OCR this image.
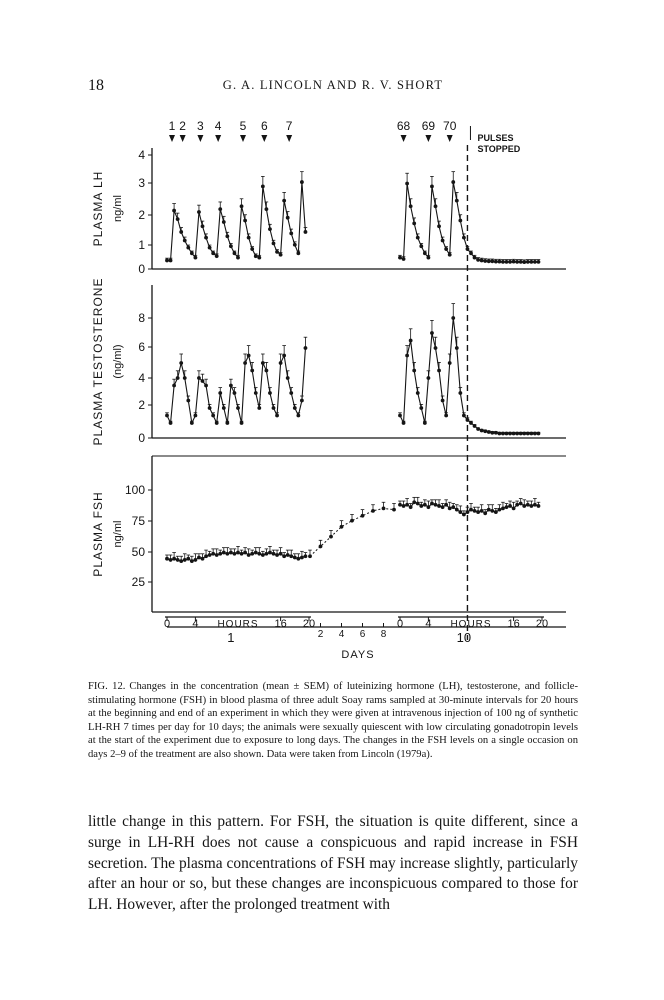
18	G. A. LINCOLN AND R. V. SHORT
1 2 3 4 5 6 7	68 69 70
PULSES
STOPPED
0
1
2
3
4
PLASMA LH ng/ml
0
2
4
6
8
PLASMA TESTOSTERONE (ng/ml)
25
50
75
100
PLASMA FSH ng/ml
0 4	16 20
HOURS	0 4	16 20
HOURS
1	10
2 4 6 8
DAYS
FIG. 12. Changes in the concentration (mean ± SEM) of luteinizing hormone (LH), testosterone, and follicle-stimulating hormone (FSH) in blood plasma of three adult Soay rams sampled at 30-minute intervals for 20 hours at the beginning and end of an experiment in which they were given at intravenous injection of 100 ng of synthetic LH-RH 7 times per day for 10 days; the animals were sexually quiescent with low circulating gonadotropin levels at the start of the experiment due to exposure to long days. The changes in the FSH levels on a single occasion on days 2–9 of the treatment are also shown. Data were taken from Lincoln (1979a).

little change in this pattern. For FSH, the situation is quite different, since a surge in LH-RH does not cause a conspicuous and rapid increase in FSH secretion. The plasma concentrations of FSH may increase slightly, particularly after an hour or so, but these changes are inconspicuous compared to those for LH. However, after the prolonged treatment with
